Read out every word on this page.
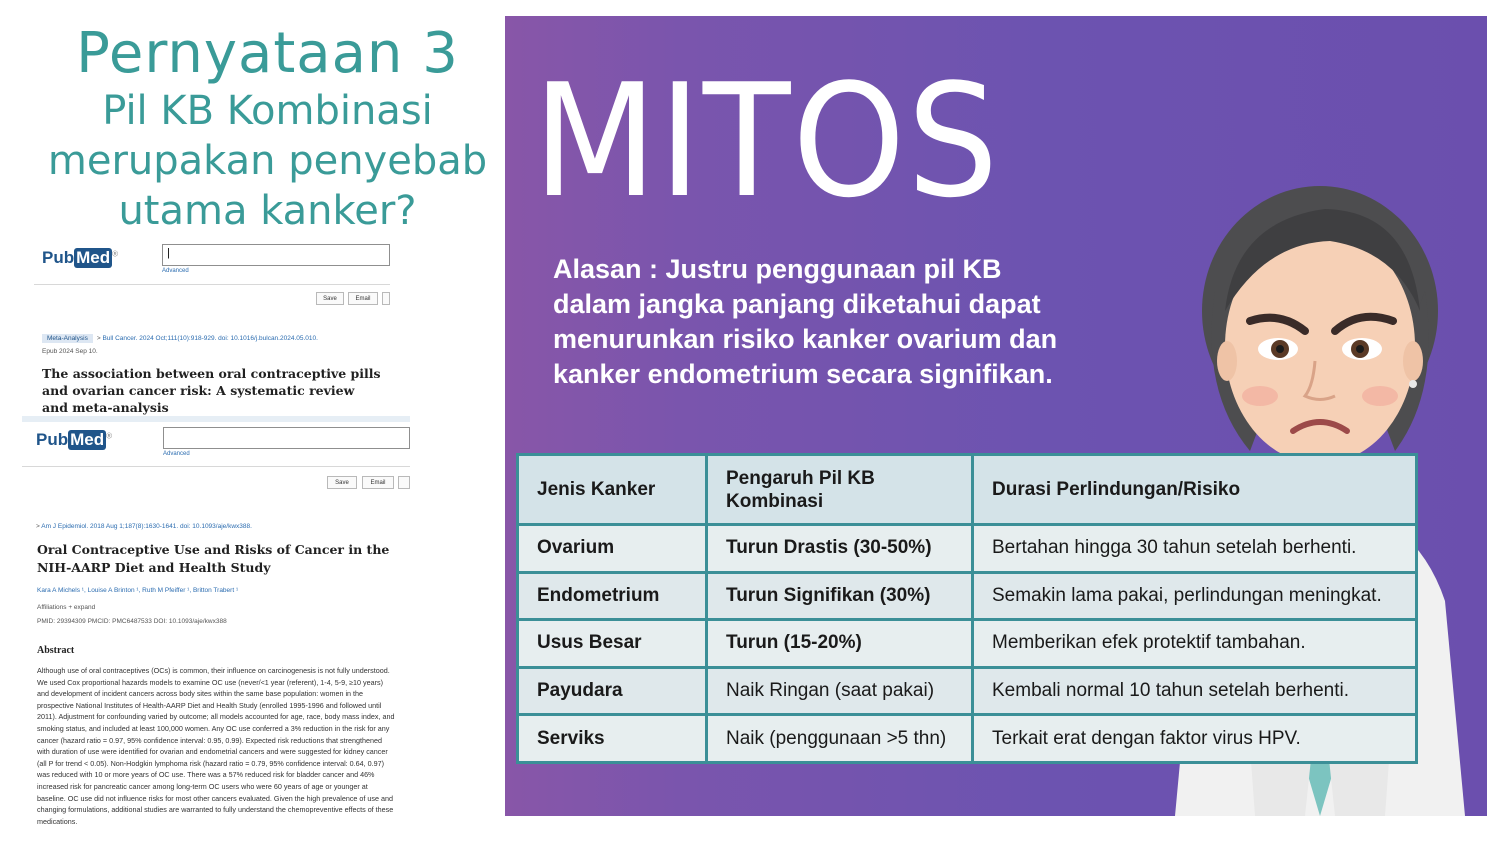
Pernyataan 3
Pil KB Kombinasi
merupakan penyebab
utama kanker?
Pub Med ®	|
Advanced
Save	Email
Meta-Analysis > Bull Cancer. 2024 Oct;111(10):918-929. doi: 10.1016/j.bulcan.2024.05.010.
Epub 2024 Sep 10.
The association between oral contraceptive pills and ovarian cancer risk: A systematic review and meta-analysis
Pub Med ®
Advanced
Save	Email
> Am J Epidemiol. 2018 Aug 1;187(8):1630-1641. doi: 10.1093/aje/kwx388.
Oral Contraceptive Use and Risks of Cancer in the NIH-AARP Diet and Health Study
Kara A Michels ¹, Louise A Brinton ¹, Ruth M Pfeiffer ¹, Britton Trabert ¹
Affiliations + expand
PMID: 29394309 PMCID: PMC6487533 DOI: 10.1093/aje/kwx388
Abstract
Although use of oral contraceptives (OCs) is common, their influence on carcinogenesis is not fully understood. We used Cox proportional hazards models to examine OC use (never/<1 year (referent), 1-4, 5-9, ≥10 years) and development of incident cancers across body sites within the same base population: women in the prospective National Institutes of Health-AARP Diet and Health Study (enrolled 1995-1996 and followed until 2011). Adjustment for confounding varied by outcome; all models accounted for age, race, body mass index, and smoking status, and included at least 100,000 women. Any OC use conferred a 3% reduction in the risk for any cancer (hazard ratio = 0.97, 95% confidence interval: 0.95, 0.99). Expected risk reductions that strengthened with duration of use were identified for ovarian and endometrial cancers and were suggested for kidney cancer (all P for trend < 0.05). Non-Hodgkin lymphoma risk (hazard ratio = 0.79, 95% confidence interval: 0.64, 0.97) was reduced with 10 or more years of OC use. There was a 57% reduced risk for bladder cancer and 46% increased risk for pancreatic cancer among long-term OC users who were 60 years of age or younger at baseline. OC use did not influence risks for most other cancers evaluated. Given the high prevalence of use and changing formulations, additional studies are warranted to fully understand the chemopreventive effects of these medications.
MITOS
Alasan : Justru penggunaan pil KB dalam jangka panjang diketahui dapat menurunkan risiko kanker ovarium dan kanker endometrium secara signifikan.
Jenis Kanker	Pengaruh Pil KB Kombinasi	Durasi Perlindungan/Risiko
Ovarium	Turun Drastis (30-50%)	Bertahan hingga 30 tahun setelah berhenti.
Endometrium	Turun Signifikan (30%)	Semakin lama pakai, perlindungan meningkat.
Usus Besar	Turun (15-20%)	Memberikan efek protektif tambahan.
Payudara	Naik Ringan (saat pakai)	Kembali normal 10 tahun setelah berhenti.
Serviks	Naik (penggunaan >5 thn)	Terkait erat dengan faktor virus HPV.
